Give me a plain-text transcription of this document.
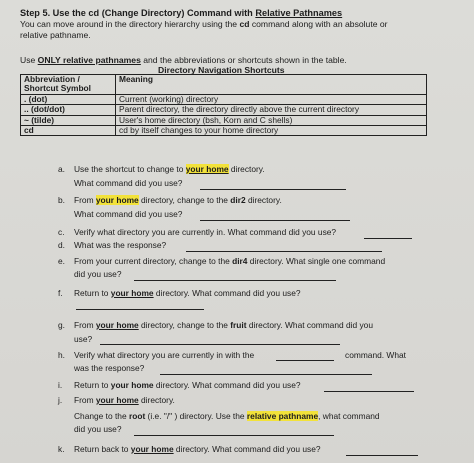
Step 5. Use the cd (Change Directory) Command with Relative Pathnames
You can move around in the directory hierarchy using the cd command along with an absolute or
relative pathname.
Use ONLY relative pathnames and the abbreviations or shortcuts shown in the table.
Directory Navigation Shortcuts
Abbreviation /
Shortcut Symbol	Meaning
. (dot)	Current (working) directory
.. (dot/dot)	Parent directory, the directory directly above the current directory
~ (tilde)	User's home directory (bsh, Korn and C shells)
cd	cd by itself changes to your home directory
a. Use the shortcut to change to your home directory.
What command did you use?
b. From your home directory, change to the dir2 directory.
What command did you use?
c. Verify what directory you are currently in. What command did you use?
d. What was the response?
e. From your current directory, change to the dir4 directory. What single one command
did you use?
f. Return to your home directory. What command did you use?
g. From your home directory, change to the fruit directory. What command did you
use?
h. Verify what directory you are currently in with the	command. What
was the response?
i. Return to your home directory. What command did you use?
j. From your home directory.
Change to the root (i.e. "/" ) directory. Use the relative pathname, what command
did you use?
k. Return back to your home directory. What command did you use?
